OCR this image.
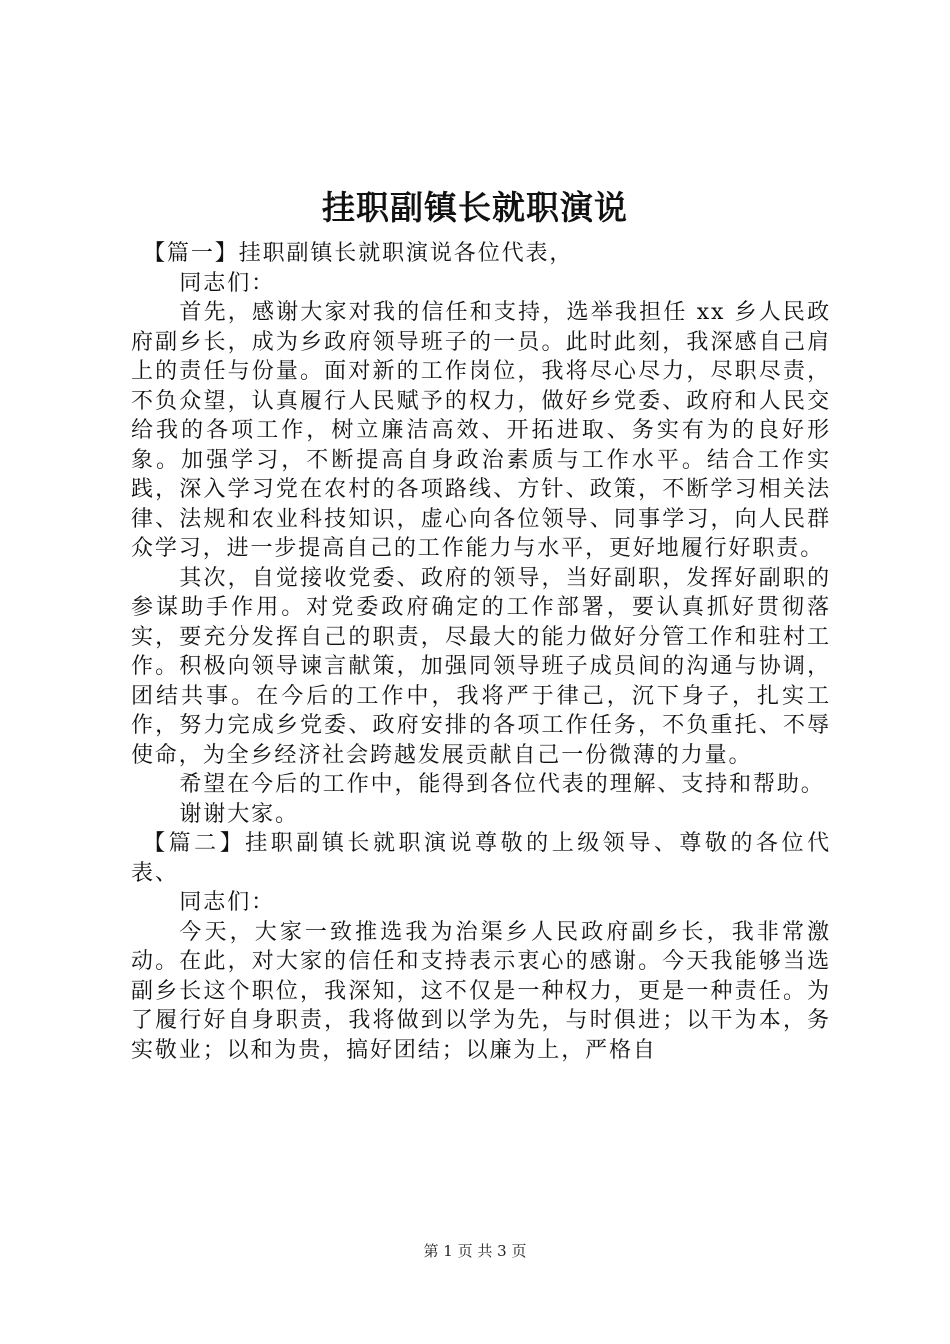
挂职副镇长就职演说

【篇一】挂职副镇长就职演说各位代表，

同志们：

首先，感谢大家对我的信任和支持，选举我担任 xx 乡人民政府副乡长，成为乡政府领导班子的一员。此时此刻，我深感自己肩上的责任与份量。面对新的工作岗位，我将尽心尽力，尽职尽责，不负众望，认真履行人民赋予的权力，做好乡党委、政府和人民交给我的各项工作，树立廉洁高效、开拓进取、务实有为的良好形象。加强学习，不断提高自身政治素质与工作水平。结合工作实践，深入学习党在农村的各项路线、方针、政策，不断学习相关法律、法规和农业科技知识，虚心向各位领导、同事学习，向人民群众学习，进一步提高自己的工作能力与水平，更好地履行好职责。

其次，自觉接收党委、政府的领导，当好副职，发挥好副职的参谋助手作用。对党委政府确定的工作部署，要认真抓好贯彻落实，要充分发挥自己的职责，尽最大的能力做好分管工作和驻村工作。积极向领导谏言献策，加强同领导班子成员间的沟通与协调，团结共事。在今后的工作中，我将严于律己，沉下身子，扎实工作，努力完成乡党委、政府安排的各项工作任务，不负重托、不辱使命，为全乡经济社会跨越发展贡献自己一份微薄的力量。

希望在今后的工作中，能得到各位代表的理解、支持和帮助。

谢谢大家。

【篇二】挂职副镇长就职演说尊敬的上级领导、尊敬的各位代表、

同志们：

今天，大家一致推选我为治渠乡人民政府副乡长，我非常激动。在此，对大家的信任和支持表示衷心的感谢。今天我能够当选副乡长这个职位，我深知，这不仅是一种权力，更是一种责任。为了履行好自身职责，我将做到以学为先，与时俱进；以干为本，务实敬业；以和为贵，搞好团结；以廉为上，严格自

第 1 页 共 3 页
